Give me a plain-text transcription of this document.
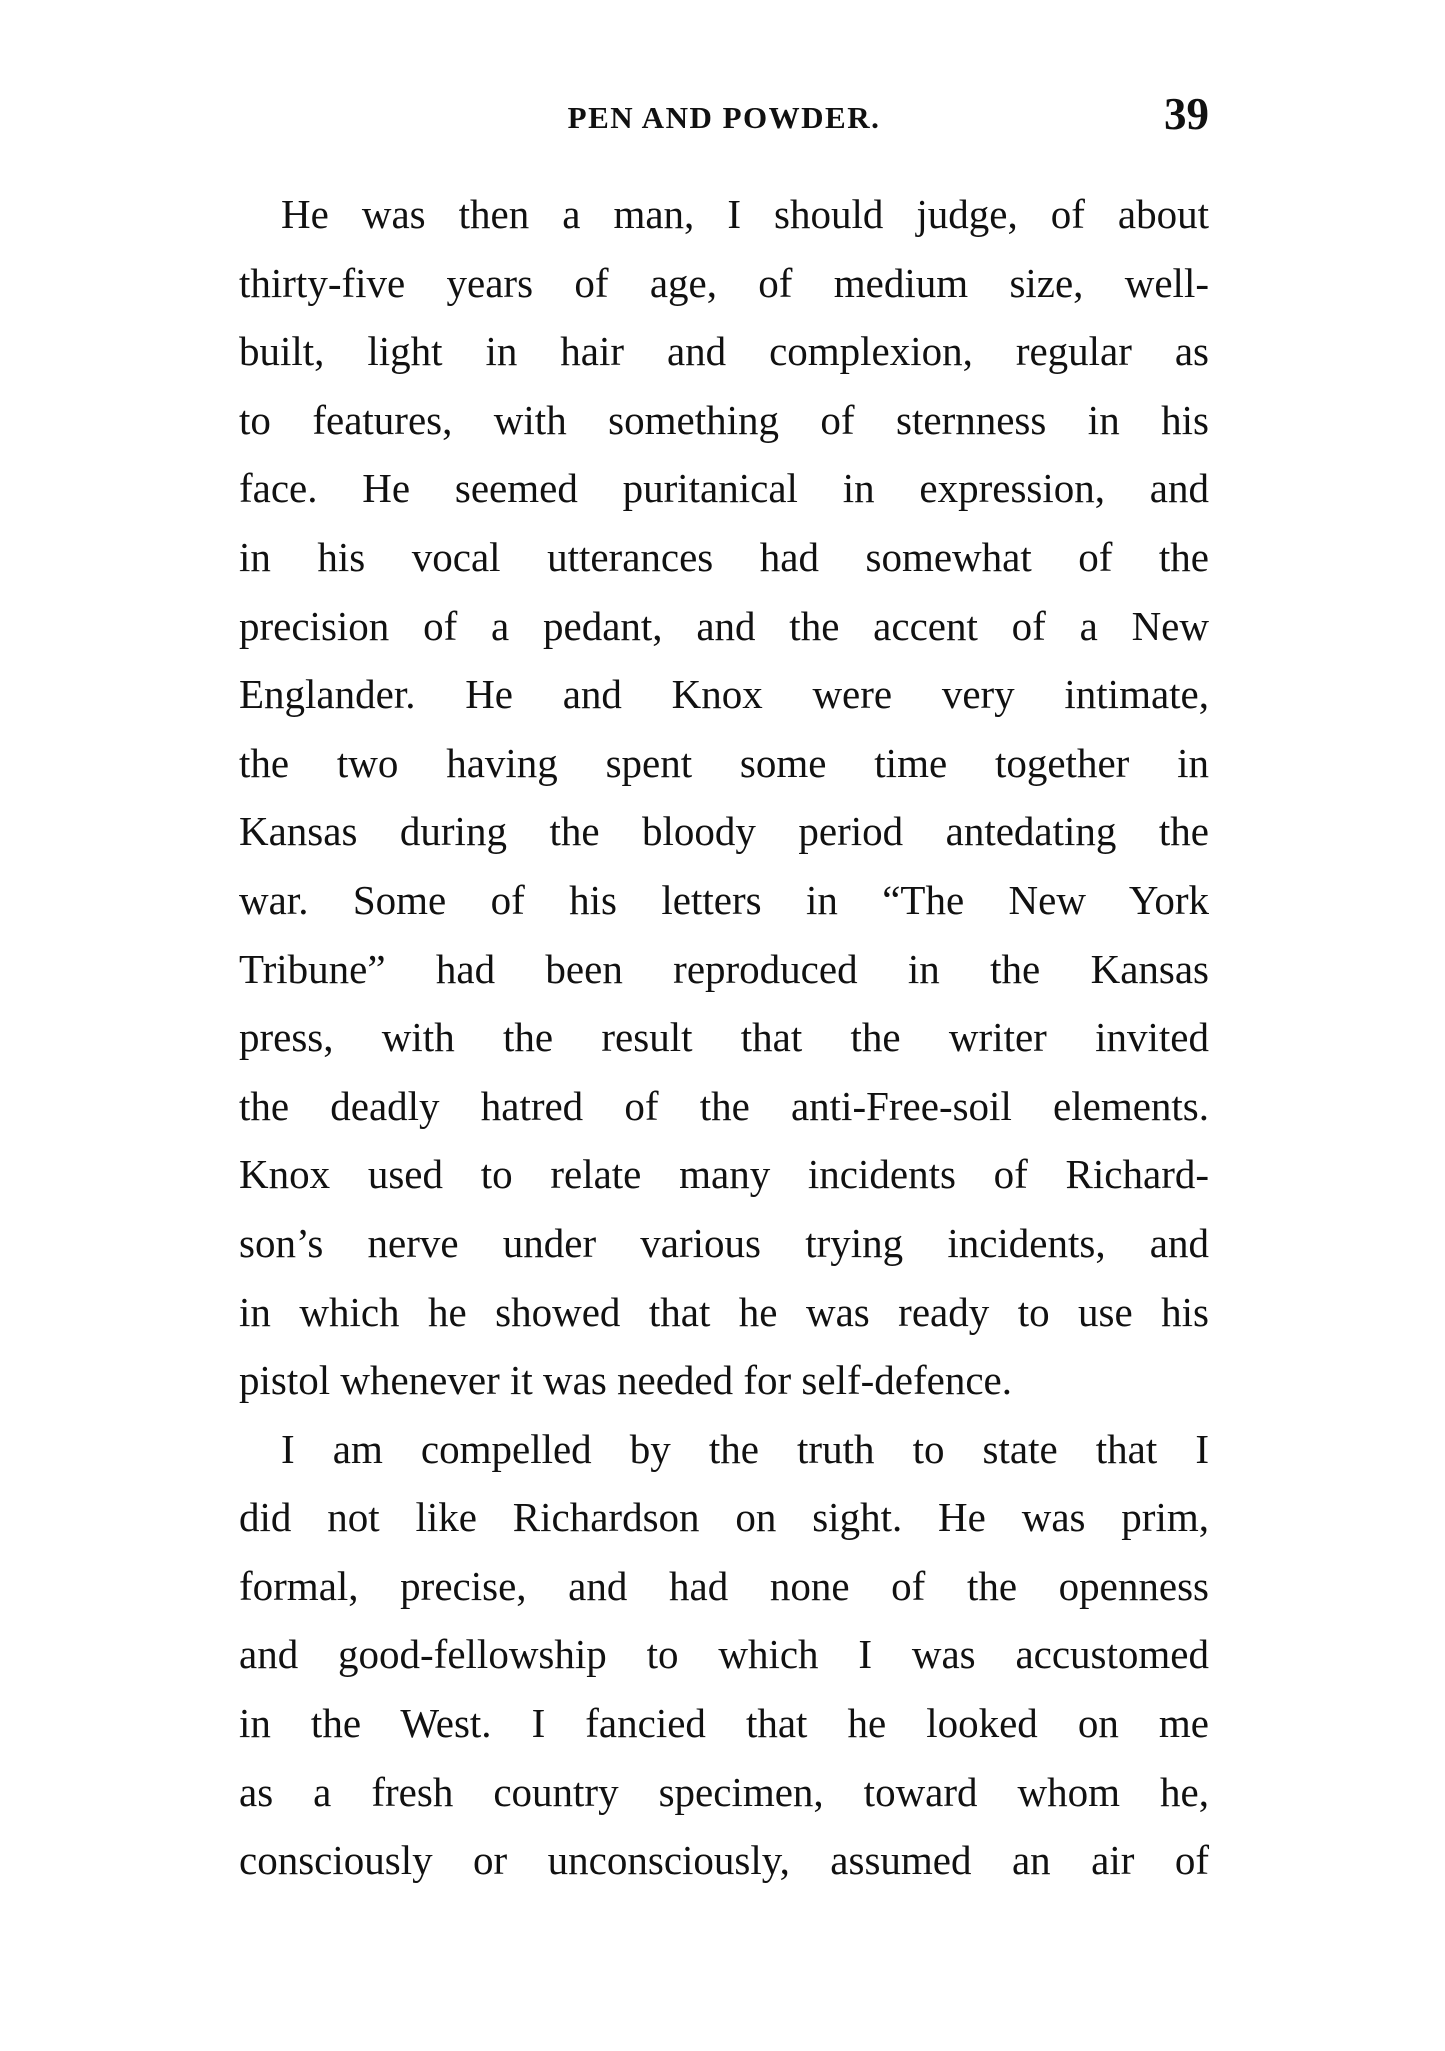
PEN AND POWDER.	39
He was then a man, I should judge, of about
thirty-five years of age, of medium size, well-
built, light in hair and complexion, regular as
to features, with something of sternness in his
face. He seemed puritanical in expression, and
in his vocal utterances had somewhat of the
precision of a pedant, and the accent of a New
Englander. He and Knox were very intimate,
the two having spent some time together in
Kansas during the bloody period antedating the
war. Some of his letters in “The New York
Tribune” had been reproduced in the Kansas
press, with the result that the writer invited
the deadly hatred of the anti-Free-soil elements.
Knox used to relate many incidents of Richard-
son’s nerve under various trying incidents, and
in which he showed that he was ready to use his
pistol whenever it was needed for self-defence.
I am compelled by the truth to state that I
did not like Richardson on sight. He was prim,
formal, precise, and had none of the openness
and good-fellowship to which I was accustomed
in the West. I fancied that he looked on me
as a fresh country specimen, toward whom he,
consciously or unconsciously, assumed an air of
